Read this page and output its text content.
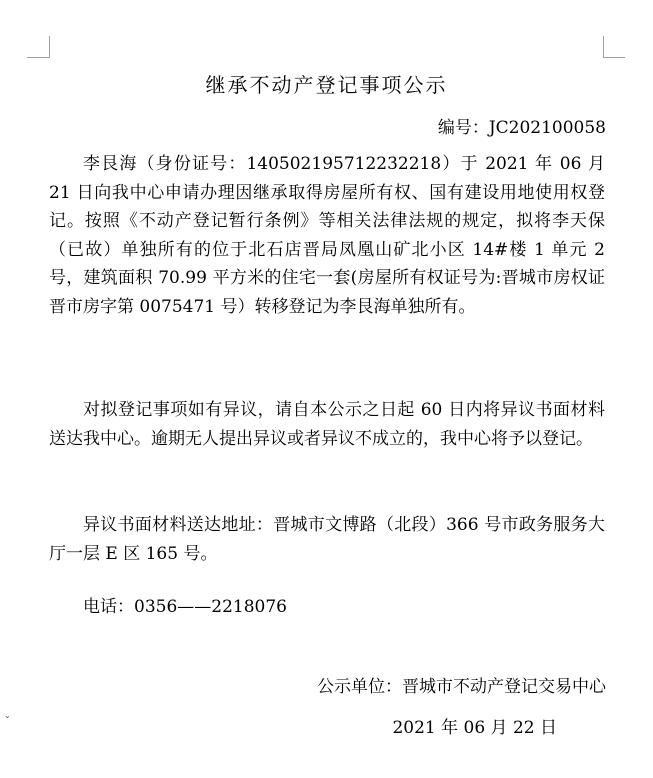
⌄
继承不动产登记事项公示
编号：JC202100058

李艮海（身份证号：140502195712232218）于 2021 年 06 月 21 日向我中心申请办理因继承取得房屋所有权、国有建设用地使用权登记。按照《不动产登记暂行条例》等相关法律法规的规定，拟将李天保（已故）单独所有的位于北石店晋局凤凰山矿北小区 14#楼 1 单元 2 号，建筑面积 70.99 平方米的住宅一套(房屋所有权证号为:晋城市房权证晋市房字第 0075471 号）转移登记为李艮海单独所有。

对拟登记事项如有异议，请自本公示之日起 60 日内将异议书面材料送达我中心。逾期无人提出异议或者异议不成立的，我中心将予以登记。

异议书面材料送达地址：晋城市文博路（北段）366 号市政务服务大厅一层 E 区 165 号。

电话：0356——2218076

公示单位：晋城市不动产登记交易中心
2021 年 06 月 22 日
